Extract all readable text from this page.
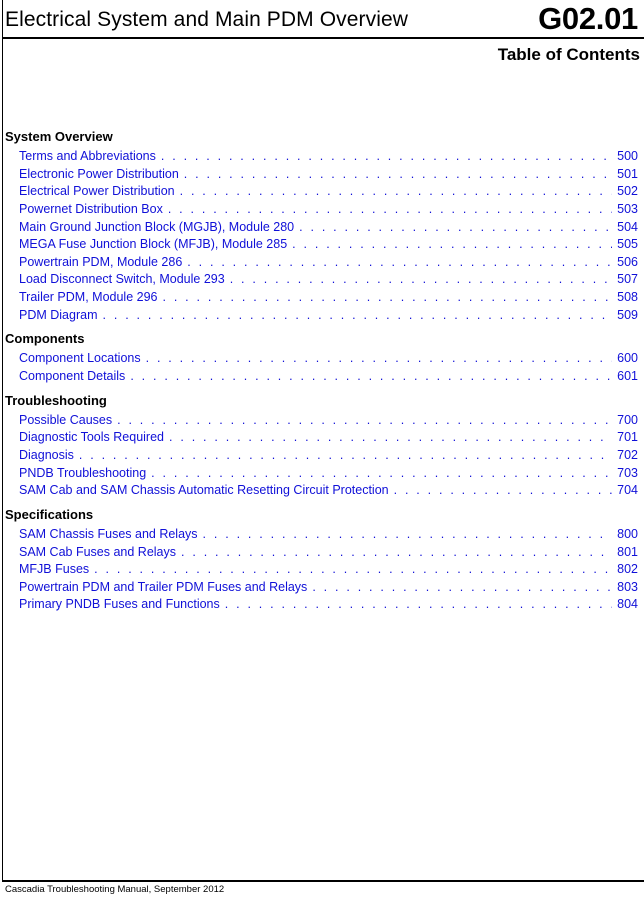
Electrical System and Main PDM Overview	G02.01
Table of Contents
System Overview
Terms and Abbreviations . . .	500
Electronic Power Distribution . . .	501
Electrical Power Distribution . . .	502
Powernet Distribution Box . . .	503
Main Ground Junction Block (MGJB), Module 280 . . .	504
MEGA Fuse Junction Block (MFJB), Module 285 . . .	505
Powertrain PDM, Module 286 . . .	506
Load Disconnect Switch, Module 293 . . .	507
Trailer PDM, Module 296 . . .	508
PDM Diagram . . .	509
Components
Component Locations . . .	600
Component Details . . .	601
Troubleshooting
Possible Causes . . .	700
Diagnostic Tools Required . . .	701
Diagnosis . . .	702
PNDB Troubleshooting . . .	703
SAM Cab and SAM Chassis Automatic Resetting Circuit Protection . . .	704
Specifications
SAM Chassis Fuses and Relays . . .	800
SAM Cab Fuses and Relays . . .	801
MFJB Fuses . . .	802
Powertrain PDM and Trailer PDM Fuses and Relays . . .	803
Primary PNDB Fuses and Functions . . .	804
Cascadia Troubleshooting Manual, September 2012
